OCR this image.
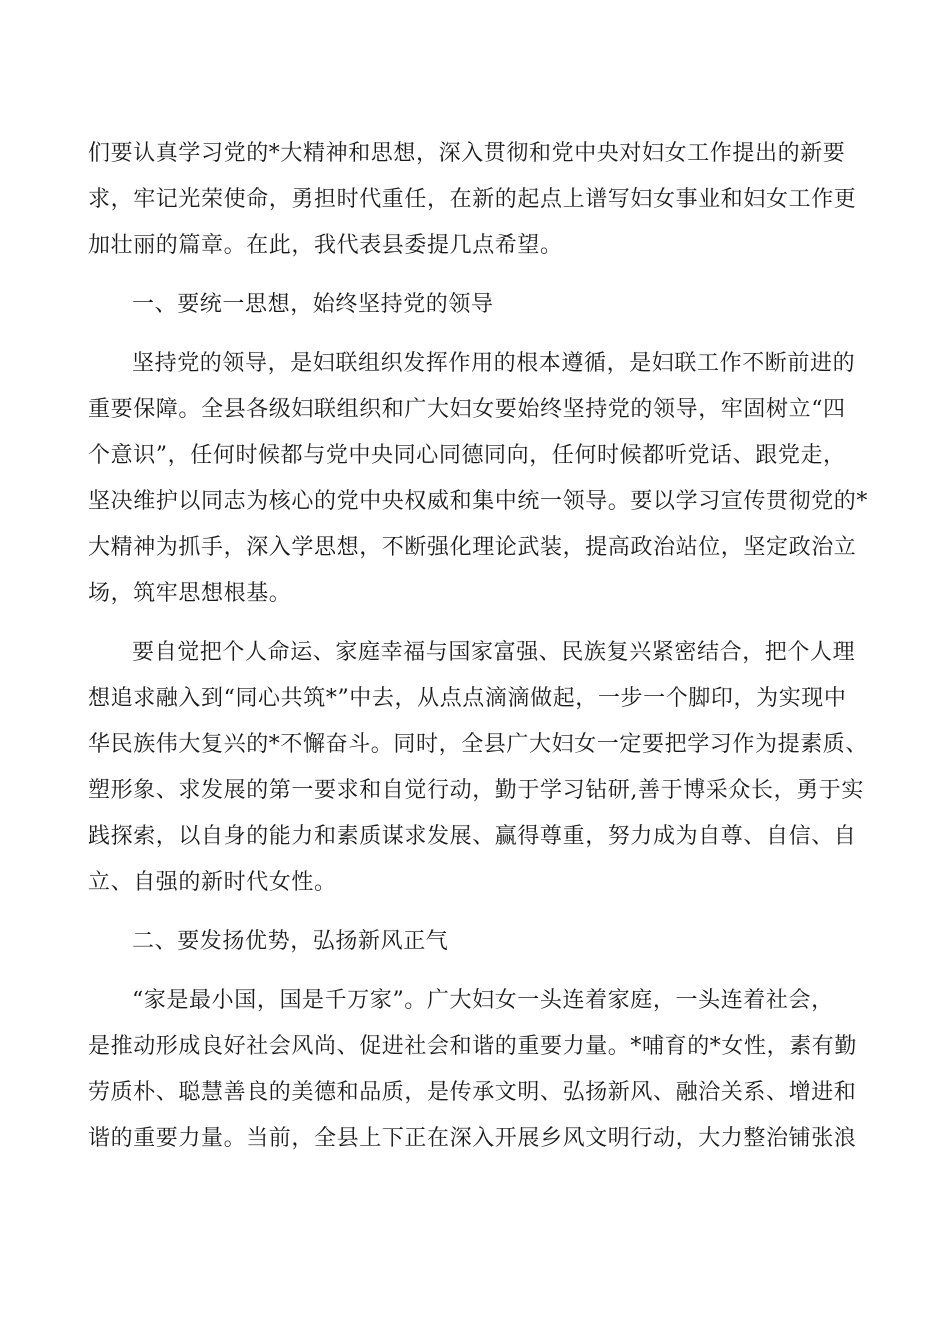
们要认真学习党的*大精神和思想，深入贯彻和党中央对妇女工作提出的新要
求，牢记光荣使命，勇担时代重任，在新的起点上谱写妇女事业和妇女工作更
加壮丽的篇章。在此，我代表县委提几点希望。
一、要统一思想，始终坚持党的领导
坚持党的领导，是妇联组织发挥作用的根本遵循，是妇联工作不断前进的
重要保障。全县各级妇联组织和广大妇女要始终坚持党的领导，牢固树立“四
个意识”，任何时候都与党中央同心同德同向，任何时候都听党话、跟党走，
坚决维护以同志为核心的党中央权威和集中统一领导。要以学习宣传贯彻党的*
大精神为抓手，深入学思想，不断强化理论武装，提高政治站位，坚定政治立
场，筑牢思想根基。
要自觉把个人命运、家庭幸福与国家富强、民族复兴紧密结合，把个人理
想追求融入到“同心共筑*”中去，从点点滴滴做起，一步一个脚印，为实现中
华民族伟大复兴的*不懈奋斗。同时，全县广大妇女一定要把学习作为提素质、
塑形象、求发展的第一要求和自觉行动，勤于学习钻研,善于博采众长，勇于实
践探索，以自身的能力和素质谋求发展、赢得尊重，努力成为自尊、自信、自
立、自强的新时代女性。
二、要发扬优势，弘扬新风正气
“家是最小国，国是千万家”。广大妇女一头连着家庭，一头连着社会，
是推动形成良好社会风尚、促进社会和谐的重要力量。*哺育的*女性，素有勤
劳质朴、聪慧善良的美德和品质，是传承文明、弘扬新风、融洽关系、增进和
谐的重要力量。当前，全县上下正在深入开展乡风文明行动，大力整治铺张浪
